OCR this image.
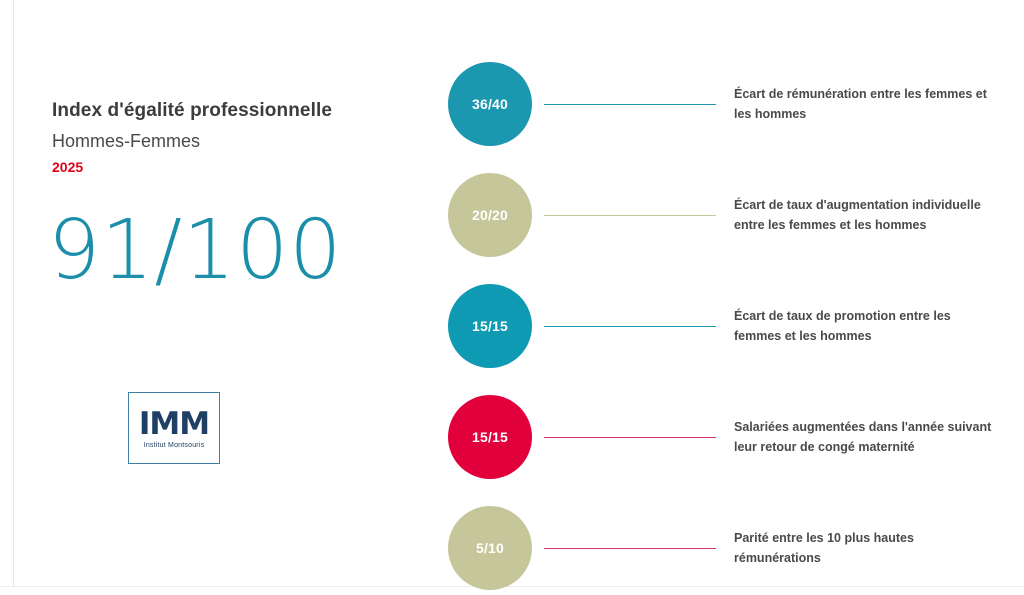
Index d'égalité professionnelle

Hommes-Femmes

2025

91/100
IMM
Institut Montsouris
36/40
Écart de rémunération entre les femmes et les hommes
20/20
Écart de taux d'augmentation individuelle entre les femmes et les hommes
15/15
Écart de taux de promotion entre les femmes et les hommes
15/15
Salariées augmentées dans l'année suivant leur retour de congé maternité
5/10
Parité entre les 10 plus hautes rémunérations
